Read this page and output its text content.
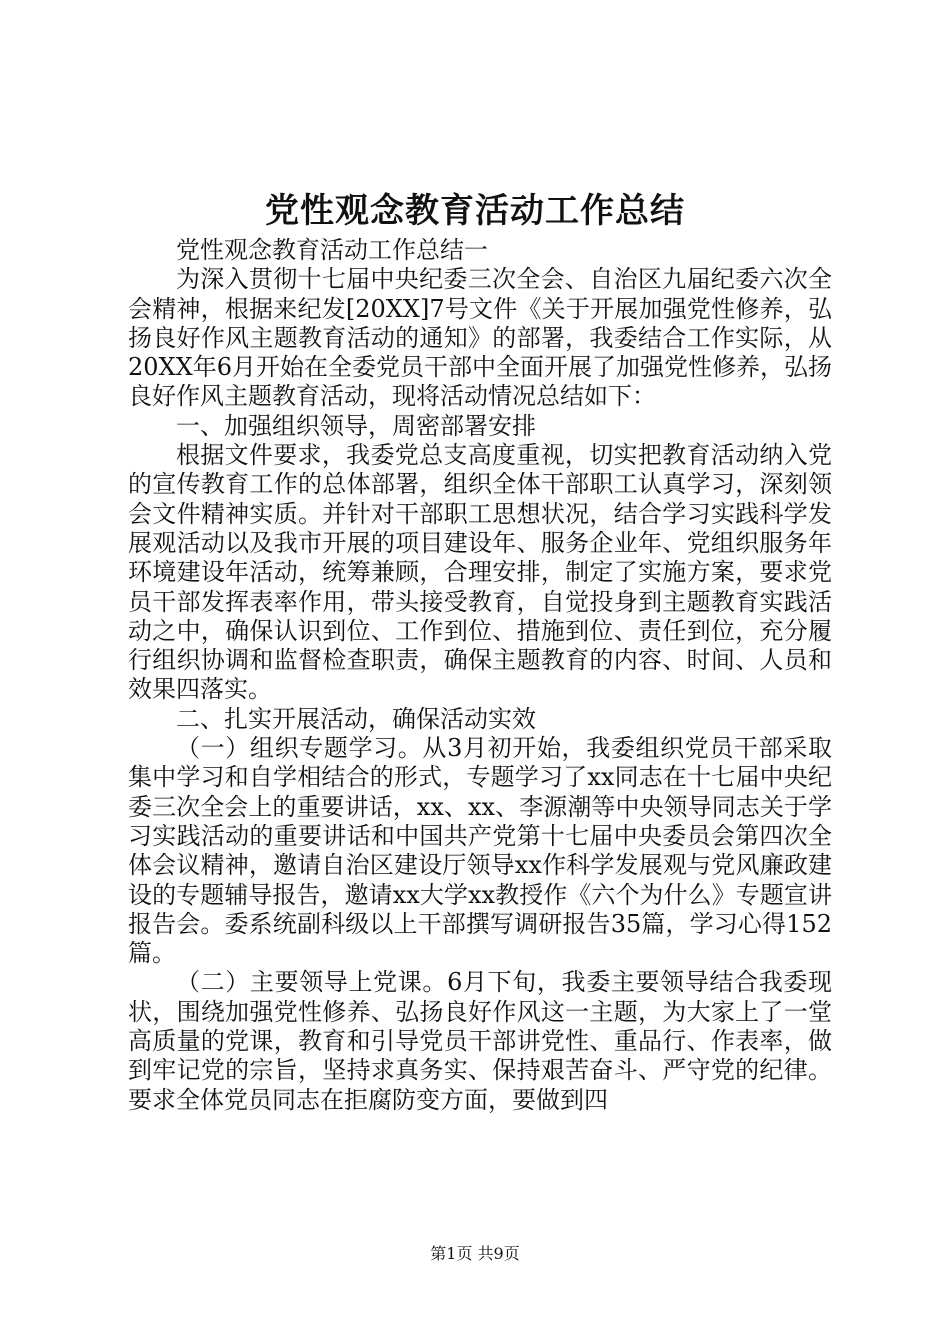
党性观念教育活动工作总结

党性观念教育活动工作总结一

为深入贯彻十七届中央纪委三次全会、自治区九届纪委六次全会精神，根据来纪发[20XX]7号文件《关于开展加强党性修养，弘扬良好作风主题教育活动的通知》的部署，我委结合工作实际，从20XX年6月开始在全委党员干部中全面开展了加强党性修养，弘扬良好作风主题教育活动，现将活动情况总结如下：

一、加强组织领导，周密部署安排

根据文件要求，我委党总支高度重视，切实把教育活动纳入党的宣传教育工作的总体部署，组织全体干部职工认真学习，深刻领会文件精神实质。并针对干部职工思想状况，结合学习实践科学发展观活动以及我市开展的项目建设年、服务企业年、党组织服务年环境建设年活动，统筹兼顾，合理安排，制定了实施方案，要求党员干部发挥表率作用，带头接受教育，自觉投身到主题教育实践活动之中，确保认识到位、工作到位、措施到位、责任到位，充分履行组织协调和监督检查职责，确保主题教育的内容、时间、人员和效果四落实。

二、扎实开展活动，确保活动实效

（一）组织专题学习。从3月初开始，我委组织党员干部采取集中学习和自学相结合的形式，专题学习了xx同志在十七届中央纪委三次全会上的重要讲话，xx、xx、李源潮等中央领导同志关于学习实践活动的重要讲话和中国共产党第十七届中央委员会第四次全体会议精神，邀请自治区建设厅领导xx作科学发展观与党风廉政建设的专题辅导报告，邀请xx大学xx教授作《六个为什么》专题宣讲报告会。委系统副科级以上干部撰写调研报告35篇，学习心得152篇。

（二）主要领导上党课。6月下旬，我委主要领导结合我委现状，围绕加强党性修养、弘扬良好作风这一主题，为大家上了一堂高质量的党课，教育和引导党员干部讲党性、重品行、作表率，做到牢记党的宗旨，坚持求真务实、保持艰苦奋斗、严守党的纪律。要求全体党员同志在拒腐防变方面，要做到四

第1页 共9页
